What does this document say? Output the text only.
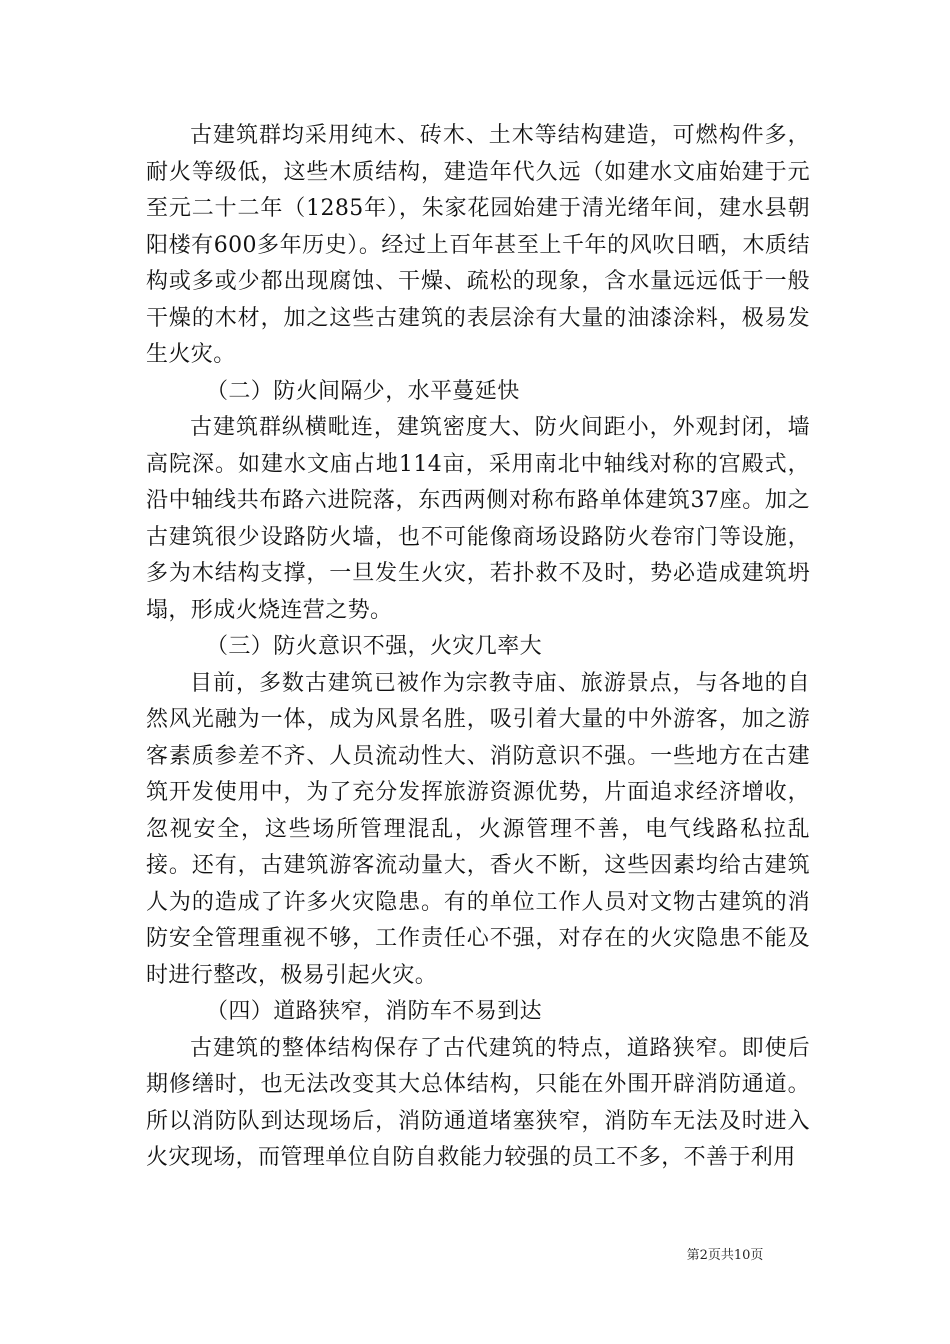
古建筑群均采用纯木、砖木、土木等结构建造，可燃构件多，耐火等级低，这些木质结构，建造年代久远（如建水文庙始建于元至元二十二年（1285年），朱家花园始建于清光绪年间，建水县朝阳楼有600多年历史）。经过上百年甚至上千年的风吹日晒，木质结构或多或少都出现腐蚀、干燥、疏松的现象，含水量远远低于一般干燥的木材，加之这些古建筑的表层涂有大量的油漆涂料，极易发生火灾。

（二）防火间隔少，水平蔓延快

古建筑群纵横毗连，建筑密度大、防火间距小，外观封闭，墙高院深。如建水文庙占地114亩，采用南北中轴线对称的宫殿式，沿中轴线共布路六进院落，东西两侧对称布路单体建筑37座。加之古建筑很少设路防火墙，也不可能像商场设路防火卷帘门等设施，多为木结构支撑，一旦发生火灾，若扑救不及时，势必造成建筑坍塌，形成火烧连营之势。

（三）防火意识不强，火灾几率大

目前，多数古建筑已被作为宗教寺庙、旅游景点，与各地的自然风光融为一体，成为风景名胜，吸引着大量的中外游客，加之游客素质参差不齐、人员流动性大、消防意识不强。一些地方在古建筑开发使用中，为了充分发挥旅游资源优势，片面追求经济增收，忽视安全，这些场所管理混乱，火源管理不善，电气线路私拉乱接。还有，古建筑游客流动量大，香火不断，这些因素均给古建筑人为的造成了许多火灾隐患。有的单位工作人员对文物古建筑的消防安全管理重视不够，工作责任心不强，对存在的火灾隐患不能及时进行整改，极易引起火灾。

（四）道路狭窄，消防车不易到达

古建筑的整体结构保存了古代建筑的特点，道路狭窄。即使后期修缮时，也无法改变其大总体结构，只能在外围开辟消防通道。所以消防队到达现场后，消防通道堵塞狭窄，消防车无法及时进入火灾现场，而管理单位自防自救能力较强的员工不多，不善于利用

第2页共10页
